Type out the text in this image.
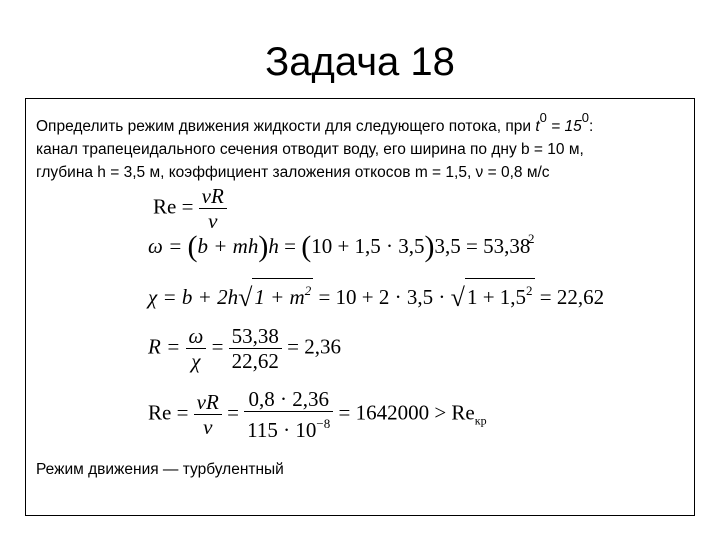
Задача 18

Определить режим движения жидкости для следующего потока, при $t^0 = 15^0$:
канал трапецеидального сечения отводит воду, его ширина по дну b = 10 м,
глубина h = 3,5 м, коэффициент заложения откосов m = 1,5, ν = 0,8 м/с

$Re = \frac{\nu R}{\nu}$
ω = (b + mh)h = (10 + 1,5 · 3,5)3,5 = 53,38
2
$\chi = b + 2h√1 + m^2 = 10 + 2 \cdot 3,5 \cdot √1 + 1,5^2 = 22,62$
$R = \frac{\omega}{\chi} = \frac{53,38}{22,62} = 2,36$
$Re = \frac{\nu R}{\nu} = \frac{0,8 \cdot 2,36}{115 \cdot 10^{-8}} = 1642000 > Re_{кр}$
Режим движения — турбулентный
